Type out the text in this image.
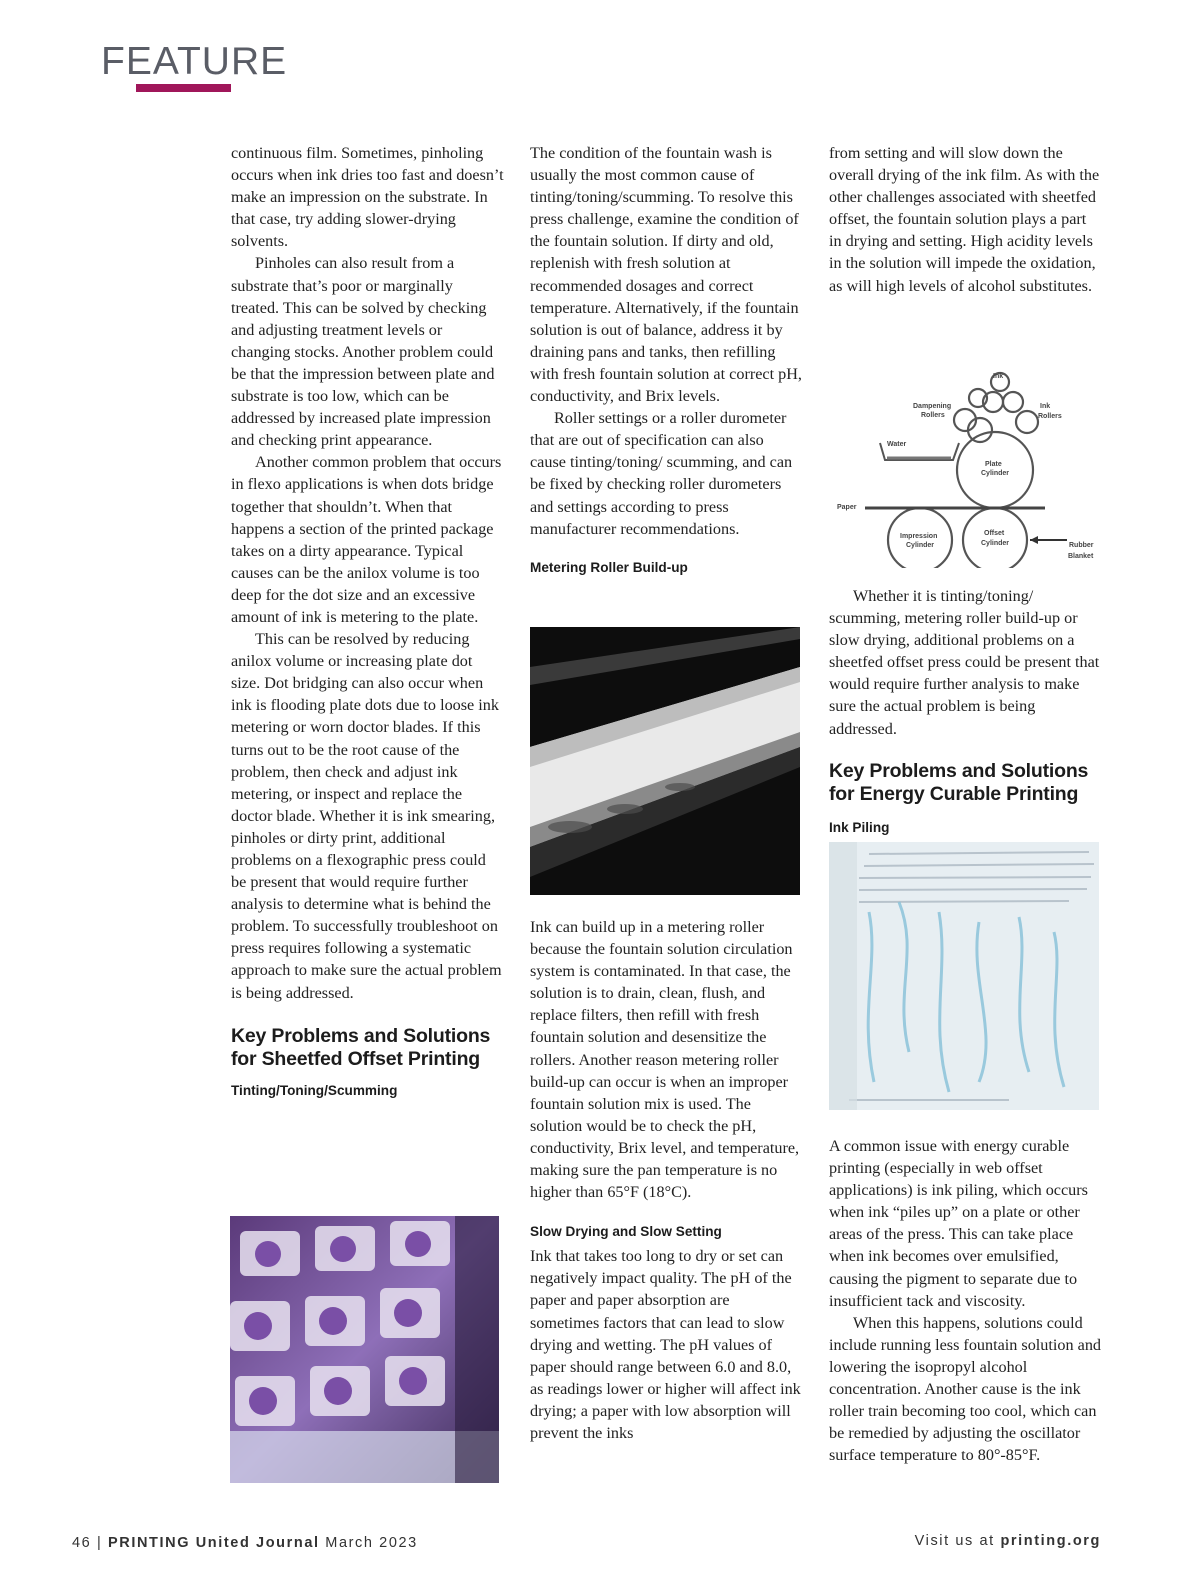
FEATURE

continuous film. Sometimes, pinholing occurs when ink dries too fast and doesn’t make an impression on the substrate. In that case, try adding slower-drying solvents.

Pinholes can also result from a substrate that’s poor or marginally treated. This can be solved by checking and adjusting treatment levels or changing stocks. Another problem could be that the impression between plate and substrate is too low, which can be addressed by increased plate impression and checking print appearance.

Another common problem that occurs in flexo applications is when dots bridge together that shouldn’t. When that happens a section of the printed package takes on a dirty appearance. Typical causes can be the anilox volume is too deep for the dot size and an excessive amount of ink is metering to the plate.

This can be resolved by reducing anilox volume or increasing plate dot size. Dot bridging can also occur when ink is flooding plate dots due to loose ink metering or worn doctor blades. If this turns out to be the root cause of the problem, then check and adjust ink metering, or inspect and replace the doctor blade. Whether it is ink smearing, pinholes or dirty print, additional problems on a flexographic press could be present that would require further analysis to determine what is behind the problem. To successfully troubleshoot on press requires following a systematic approach to make sure the actual problem is being addressed.

Key Problems and Solutions
for Sheetfed Offset Printing
Tinting/Toning/Scumming

The condition of the fountain wash is usually the most common cause of tinting/toning/scumming. To resolve this press challenge, examine the condition of the fountain solution. If dirty and old, replenish with fresh solution at recommended dosages and correct temperature. Alternatively, if the fountain solution is out of balance, address it by draining pans and tanks, then refilling with fresh fountain solution at correct pH, conductivity, and Brix levels.

Roller settings or a roller durometer that are out of specification can also cause tinting/toning/ scumming, and can be fixed by checking roller durometers and settings according to press manufacturer recommendations.

Metering Roller Build-up

Ink can build up in a metering roller because the fountain solution circulation system is contaminated. In that case, the solution is to drain, clean, flush, and replace filters, then refill with fresh fountain solution and desensitize the rollers. Another reason metering roller build-up can occur is when an improper fountain solution mix is used. The solution would be to check the pH, conductivity, Brix level, and temperature, making sure the pan temperature is no higher than 65°F (18°C).

Slow Drying and Slow Setting

Ink that takes too long to dry or set can negatively impact quality. The pH of the paper and paper absorption are sometimes factors that can lead to slow drying and wetting. The pH values of paper should range between 6.0 and 8.0, as readings lower or higher will affect ink drying; a paper with low absorption will prevent the inks

from setting and will slow down the overall drying of the ink film. As with the other challenges associated with sheetfed offset, the fountain solution plays a part in drying and setting. High acidity levels in the solution will impede the oxidation, as will high levels of alcohol substitutes.

Ink
Dampening
Rollers
Ink
Rollers
Water
Plate
Cylinder
Paper
Impression
Cylinder
Offset
Cylinder	Rubber
Blanket

Whether it is tinting/toning/ scumming, metering roller build-up or slow drying, additional problems on a sheetfed offset press could be present that would require further analysis to make sure the actual problem is being addressed.

Key Problems and Solutions
for Energy Curable Printing
Ink Piling

A common issue with energy curable printing (especially in web offset applications) is ink piling, which occurs when ink “piles up” on a plate or other areas of the press. This can take place when ink becomes over emulsified, causing the pigment to separate due to insufficient tack and viscosity.

When this happens, solutions could include running less fountain solution and lowering the isopropyl alcohol concentration. Another cause is the ink roller train becoming too cool, which can be remedied by adjusting the oscillator surface temperature to 80°-85°F.

46 | PRINTING United Journal March 2023	Visit us at printing.org
